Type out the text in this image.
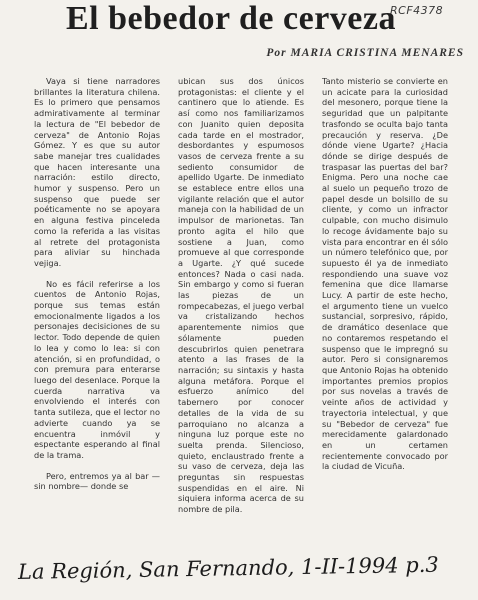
RCF4378
El bebedor de cerveza
Por MARIA CRISTINA MENARES

Vaya si tiene narradores brillantes la literatura chilena. Es lo primero que pensamos admirativamente al terminar la lectura de "El bebedor de cerveza" de Antonio Rojas Gómez. Y es que su autor sabe manejar tres cualidades que hacen interesante una narración: estilo directo, humor y suspenso. Pero un suspenso que puede ser poéticamente no se apoyara en alguna festiva pinceleda como la referida a las visitas al retrete del protagonista para aliviar su hinchada vejiga.

No es fácil referirse a los cuentos de Antonio Rojas, porque sus temas están emocionalmente ligados a los personajes decisiciones de su lector. Todo depende de quien lo lea y como lo lea: si con atención, si en profundidad, o con premura para enterarse luego del desenlace. Porque la cuerda narrativa va envolviendo el interés con tanta sutileza, que el lector no advierte cuando ya se encuentra inmóvil y espectante esperando al final de la trama.

Pero, entremos ya al bar —sin nombre— donde se

ubican sus dos únicos protagonistas: el cliente y el cantinero que lo atiende. Es así como nos familiarizamos con Juanito quien deposita cada tarde en el mostrador, desbordantes y espumosos vasos de cerveza frente a su sediento consumidor de apellido Ugarte. De inmediato se establece entre ellos una vigilante relación que el autor maneja con la habilidad de un impulsor de marionetas. Tan pronto agita el hilo que sostiene a Juan, como promueve al que corresponde a Ugarte. ¿Y qué sucede entonces? Nada o casi nada. Sin embargo y como si fueran las piezas de un rompecabezas, el juego verbal va cristalizando hechos aparentemente nimios que sólamente pueden descubrirlos quien penetrara atento a las frases de la narración; su sintaxis y hasta alguna metáfora. Porque el esfuerzo anímico del tabernero por conocer detalles de la vida de su parroquiano no alcanza a ninguna luz porque este no suelta prenda. Silencioso, quieto, enclaustrado frente a su vaso de cerveza, deja las preguntas sin respuestas suspendidas en el aire. Ni siquiera informa acerca de su nombre de pila.

Tanto misterio se convierte en un acicate para la curiosidad del mesonero, porque tiene la seguridad que un palpitante trasfondo se oculta bajo tanta precaución y reserva. ¿De dónde viene Ugarte? ¿Hacia dónde se dirige después de traspasar las puertas del bar? Enigma. Pero una noche cae al suelo un pequeño trozo de papel desde un bolsillo de su cliente, y como un infractor culpable, con mucho disimulo lo recoge ávidamente bajo su vista para encontrar en él sólo un número telefónico que, por supuesto él ya de inmediato respondiendo una suave voz femenina que dice llamarse Lucy. A partir de este hecho, el argumento tiene un vuelco sustancial, sorpresivo, rápido, de dramático desenlace que no contaremos respetando el suspenso que le impregnó su autor. Pero si consignaremos que Antonio Rojas ha obtenido importantes premios propios por sus novelas a través de veinte años de actividad y trayectoria intelectual, y que su "Bebedor de cerveza" fue merecidamente galardonado en un certamen recientemente convocado por la ciudad de Vicuña.

La Región, San Fernando, 1-II-1994 p.3
